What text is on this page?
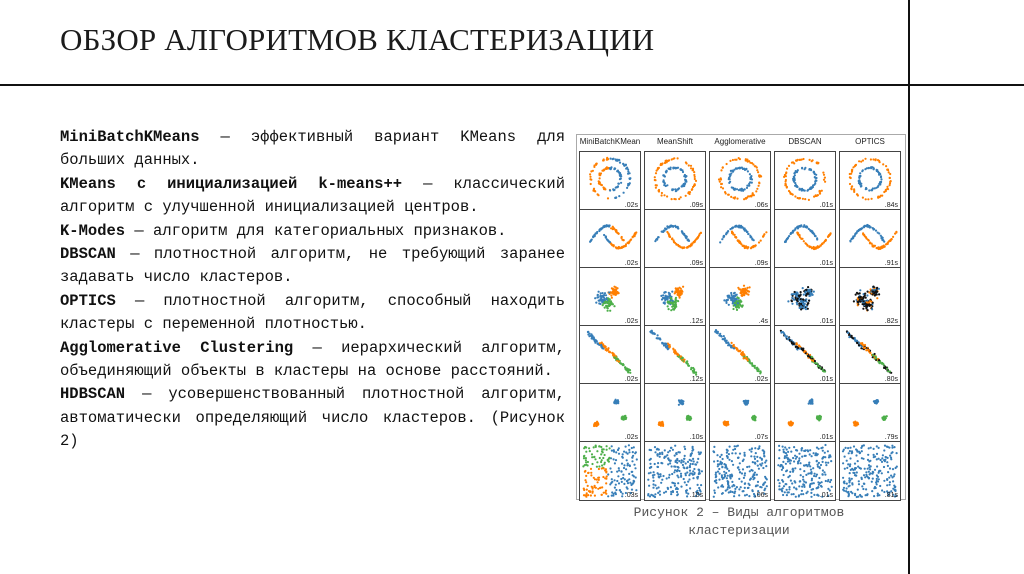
ОБЗОР АЛГОРИТМОВ КЛАСТЕРИЗАЦИИ

MiniBatchKMeans — эффективный вариант KMeans для больших данных.

KMeans с инициализацией k-means++ — классический алгоритм с улучшенной инициализацией центров.

K-Modes — алгоритм для категориальных признаков.

DBSCAN — плотностной алгоритм, не требующий заранее задавать число кластеров.

OPTICS — плотностной алгоритм, способный находить кластеры с переменной плотностью.

Agglomerative Clustering — иерархический алгоритм, объединяющий объекты в кластеры на основе расстояний.

HDBSCAN — усовершенствованный плотностной алгоритм, автоматически определяющий число кластеров. (Рисунок 2)

MiniBatchKMean	MeanShift	Agglomerative	DBSCAN	OPTICS
.02s	.09s	.06s	.01s	.84s
.02s	.09s	.09s	.01s	.91s
.02s	.12s	.4s	.01s	.82s
.02s	.12s	.02s	.01s	.80s
.02s	.10s	.07s	.01s	.79s
.03s	.10s	.06s	.01s	.81s
Рисунок 2 – Виды алгоритмов кластеризации
